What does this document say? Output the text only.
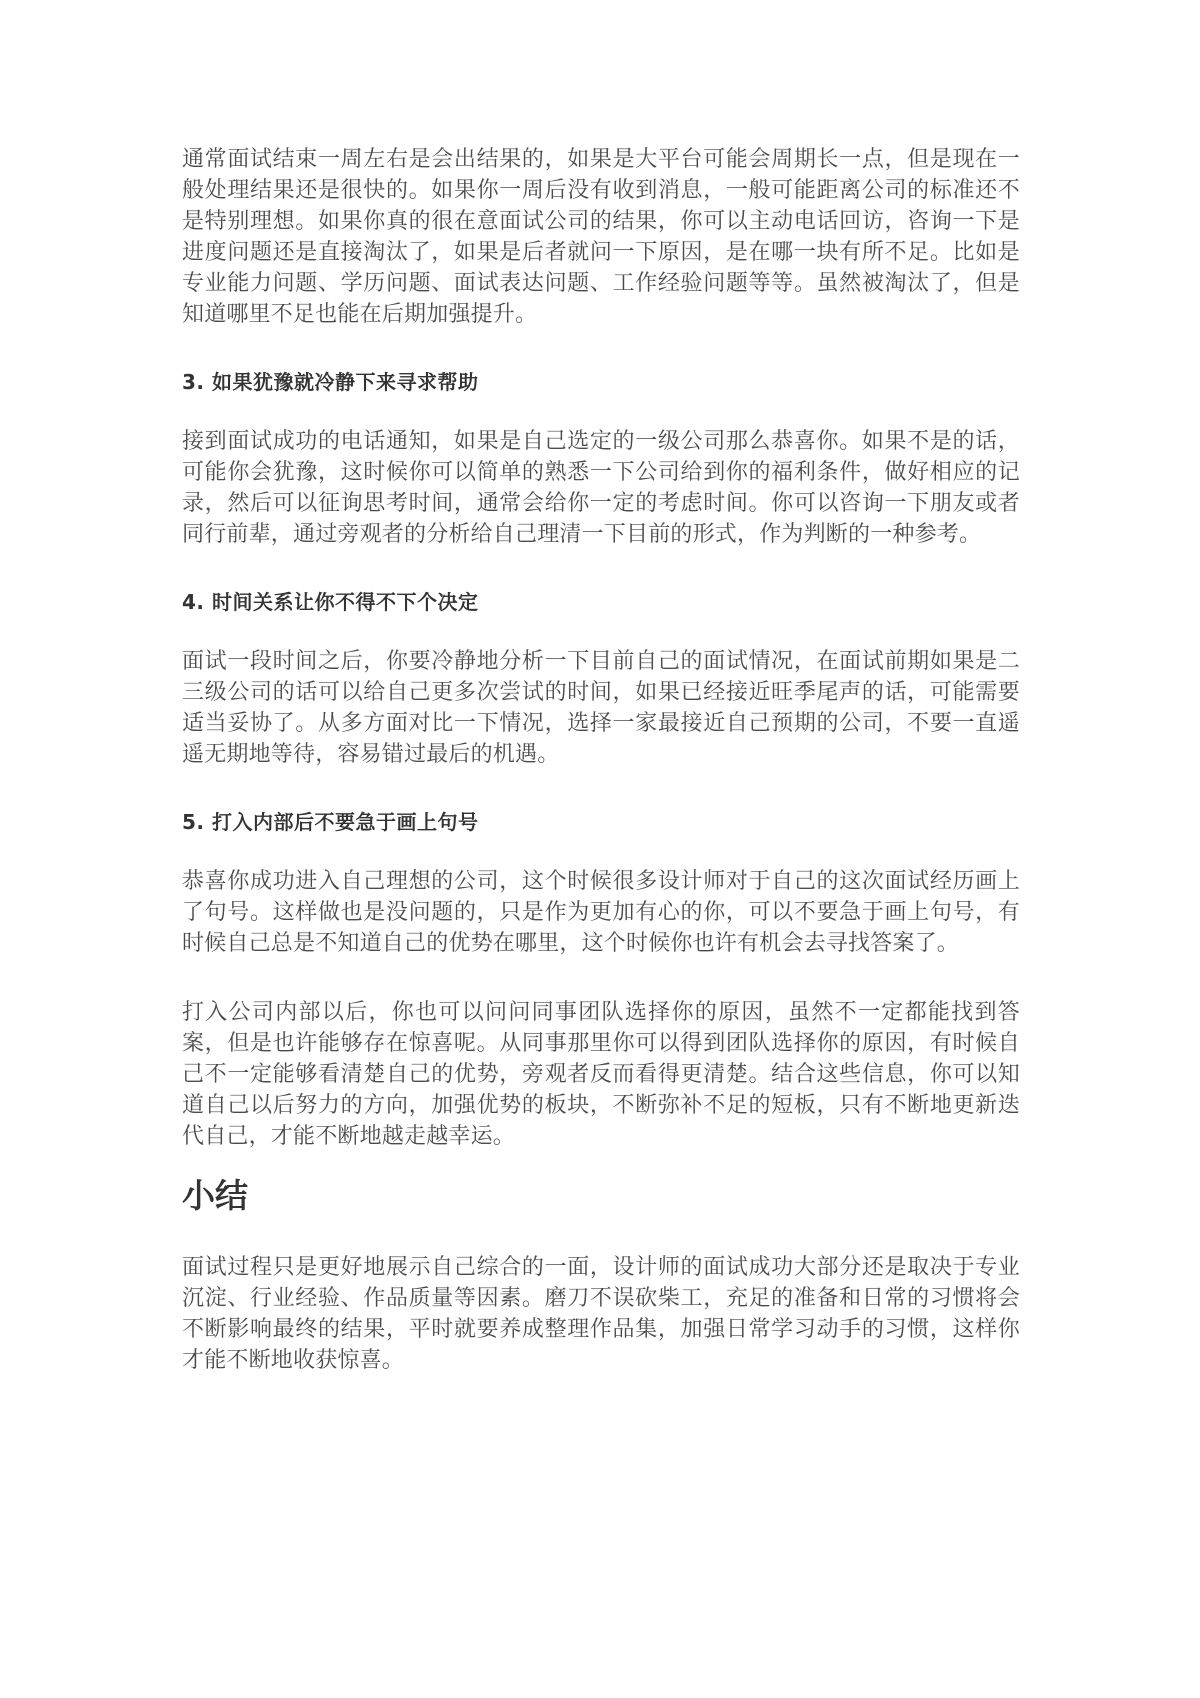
通常面试结束一周左右是会出结果的，如果是大平台可能会周期长一点，但是现在一般处理结果还是很快的。如果你一周后没有收到消息，一般可能距离公司的标准还不是特别理想。如果你真的很在意面试公司的结果，你可以主动电话回访，咨询一下是进度问题还是直接淘汰了，如果是后者就问一下原因，是在哪一块有所不足。比如是专业能力问题、学历问题、面试表达问题、工作经验问题等等。虽然被淘汰了，但是知道哪里不足也能在后期加强提升。

3. 如果犹豫就冷静下来寻求帮助

接到面试成功的电话通知，如果是自己选定的一级公司那么恭喜你。如果不是的话，可能你会犹豫，这时候你可以简单的熟悉一下公司给到你的福利条件，做好相应的记录，然后可以征询思考时间，通常会给你一定的考虑时间。你可以咨询一下朋友或者同行前辈，通过旁观者的分析给自己理清一下目前的形式，作为判断的一种参考。

4. 时间关系让你不得不下个决定

面试一段时间之后，你要冷静地分析一下目前自己的面试情况，在面试前期如果是二三级公司的话可以给自己更多次尝试的时间，如果已经接近旺季尾声的话，可能需要适当妥协了。从多方面对比一下情况，选择一家最接近自己预期的公司，不要一直遥遥无期地等待，容易错过最后的机遇。

5. 打入内部后不要急于画上句号

恭喜你成功进入自己理想的公司，这个时候很多设计师对于自己的这次面试经历画上了句号。这样做也是没问题的，只是作为更加有心的你，可以不要急于画上句号，有时候自己总是不知道自己的优势在哪里，这个时候你也许有机会去寻找答案了。

打入公司内部以后，你也可以问问同事团队选择你的原因，虽然不一定都能找到答案，但是也许能够存在惊喜呢。从同事那里你可以得到团队选择你的原因，有时候自己不一定能够看清楚自己的优势，旁观者反而看得更清楚。结合这些信息，你可以知道自己以后努力的方向，加强优势的板块，不断弥补不足的短板，只有不断地更新迭代自己，才能不断地越走越幸运。

小结

面试过程只是更好地展示自己综合的一面，设计师的面试成功大部分还是取决于专业沉淀、行业经验、作品质量等因素。磨刀不误砍柴工，充足的准备和日常的习惯将会不断影响最终的结果，平时就要养成整理作品集，加强日常学习动手的习惯，这样你才能不断地收获惊喜。
